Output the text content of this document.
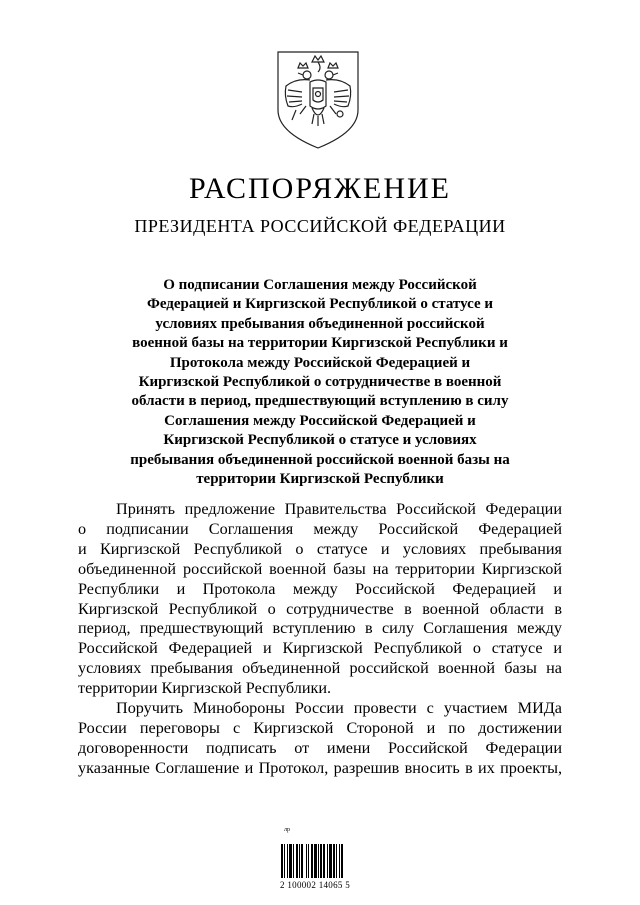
РАСПОРЯЖЕНИЕ
ПРЕЗИДЕНТА РОССИЙСКОЙ ФЕДЕРАЦИИ
О подписании Соглашения между Российской
Федерацией и Киргизской Республикой о статусе и
условиях пребывания объединенной российской
военной базы на территории Киргизской Республики и
Протокола между Российской Федерацией и
Киргизской Республикой о сотрудничестве в военной
области в период, предшествующий вступлению в силу
Соглашения между Российской Федерацией и
Киргизской Республикой о статусе и условиях
пребывания объединенной российской военной базы на
территории Киргизской Республики
Принять предложение Правительства Российской Федерации
о подписании Соглашения между Российской Федерацией
и Киргизской Республикой о статусе и условиях пребывания
объединенной российской военной базы на территории Киргизской
Республики и Протокола между Российской Федерацией и
Киргизской Республикой о сотрудничестве в военной области в
период, предшествующий вступлению в силу Соглашения между
Российской Федерацией и Киргизской Республикой о статусе и
условиях пребывания объединенной российской военной базы на
территории Киргизской Республики.
Поручить Минобороны России провести с участием МИДа
России переговоры с Киргизской Стороной и по достижении
договоренности подписать от имени Российской Федерации
указанные Соглашение и Протокол, разрешив вносить в их проекты,
2 100002 14065 5
лр
